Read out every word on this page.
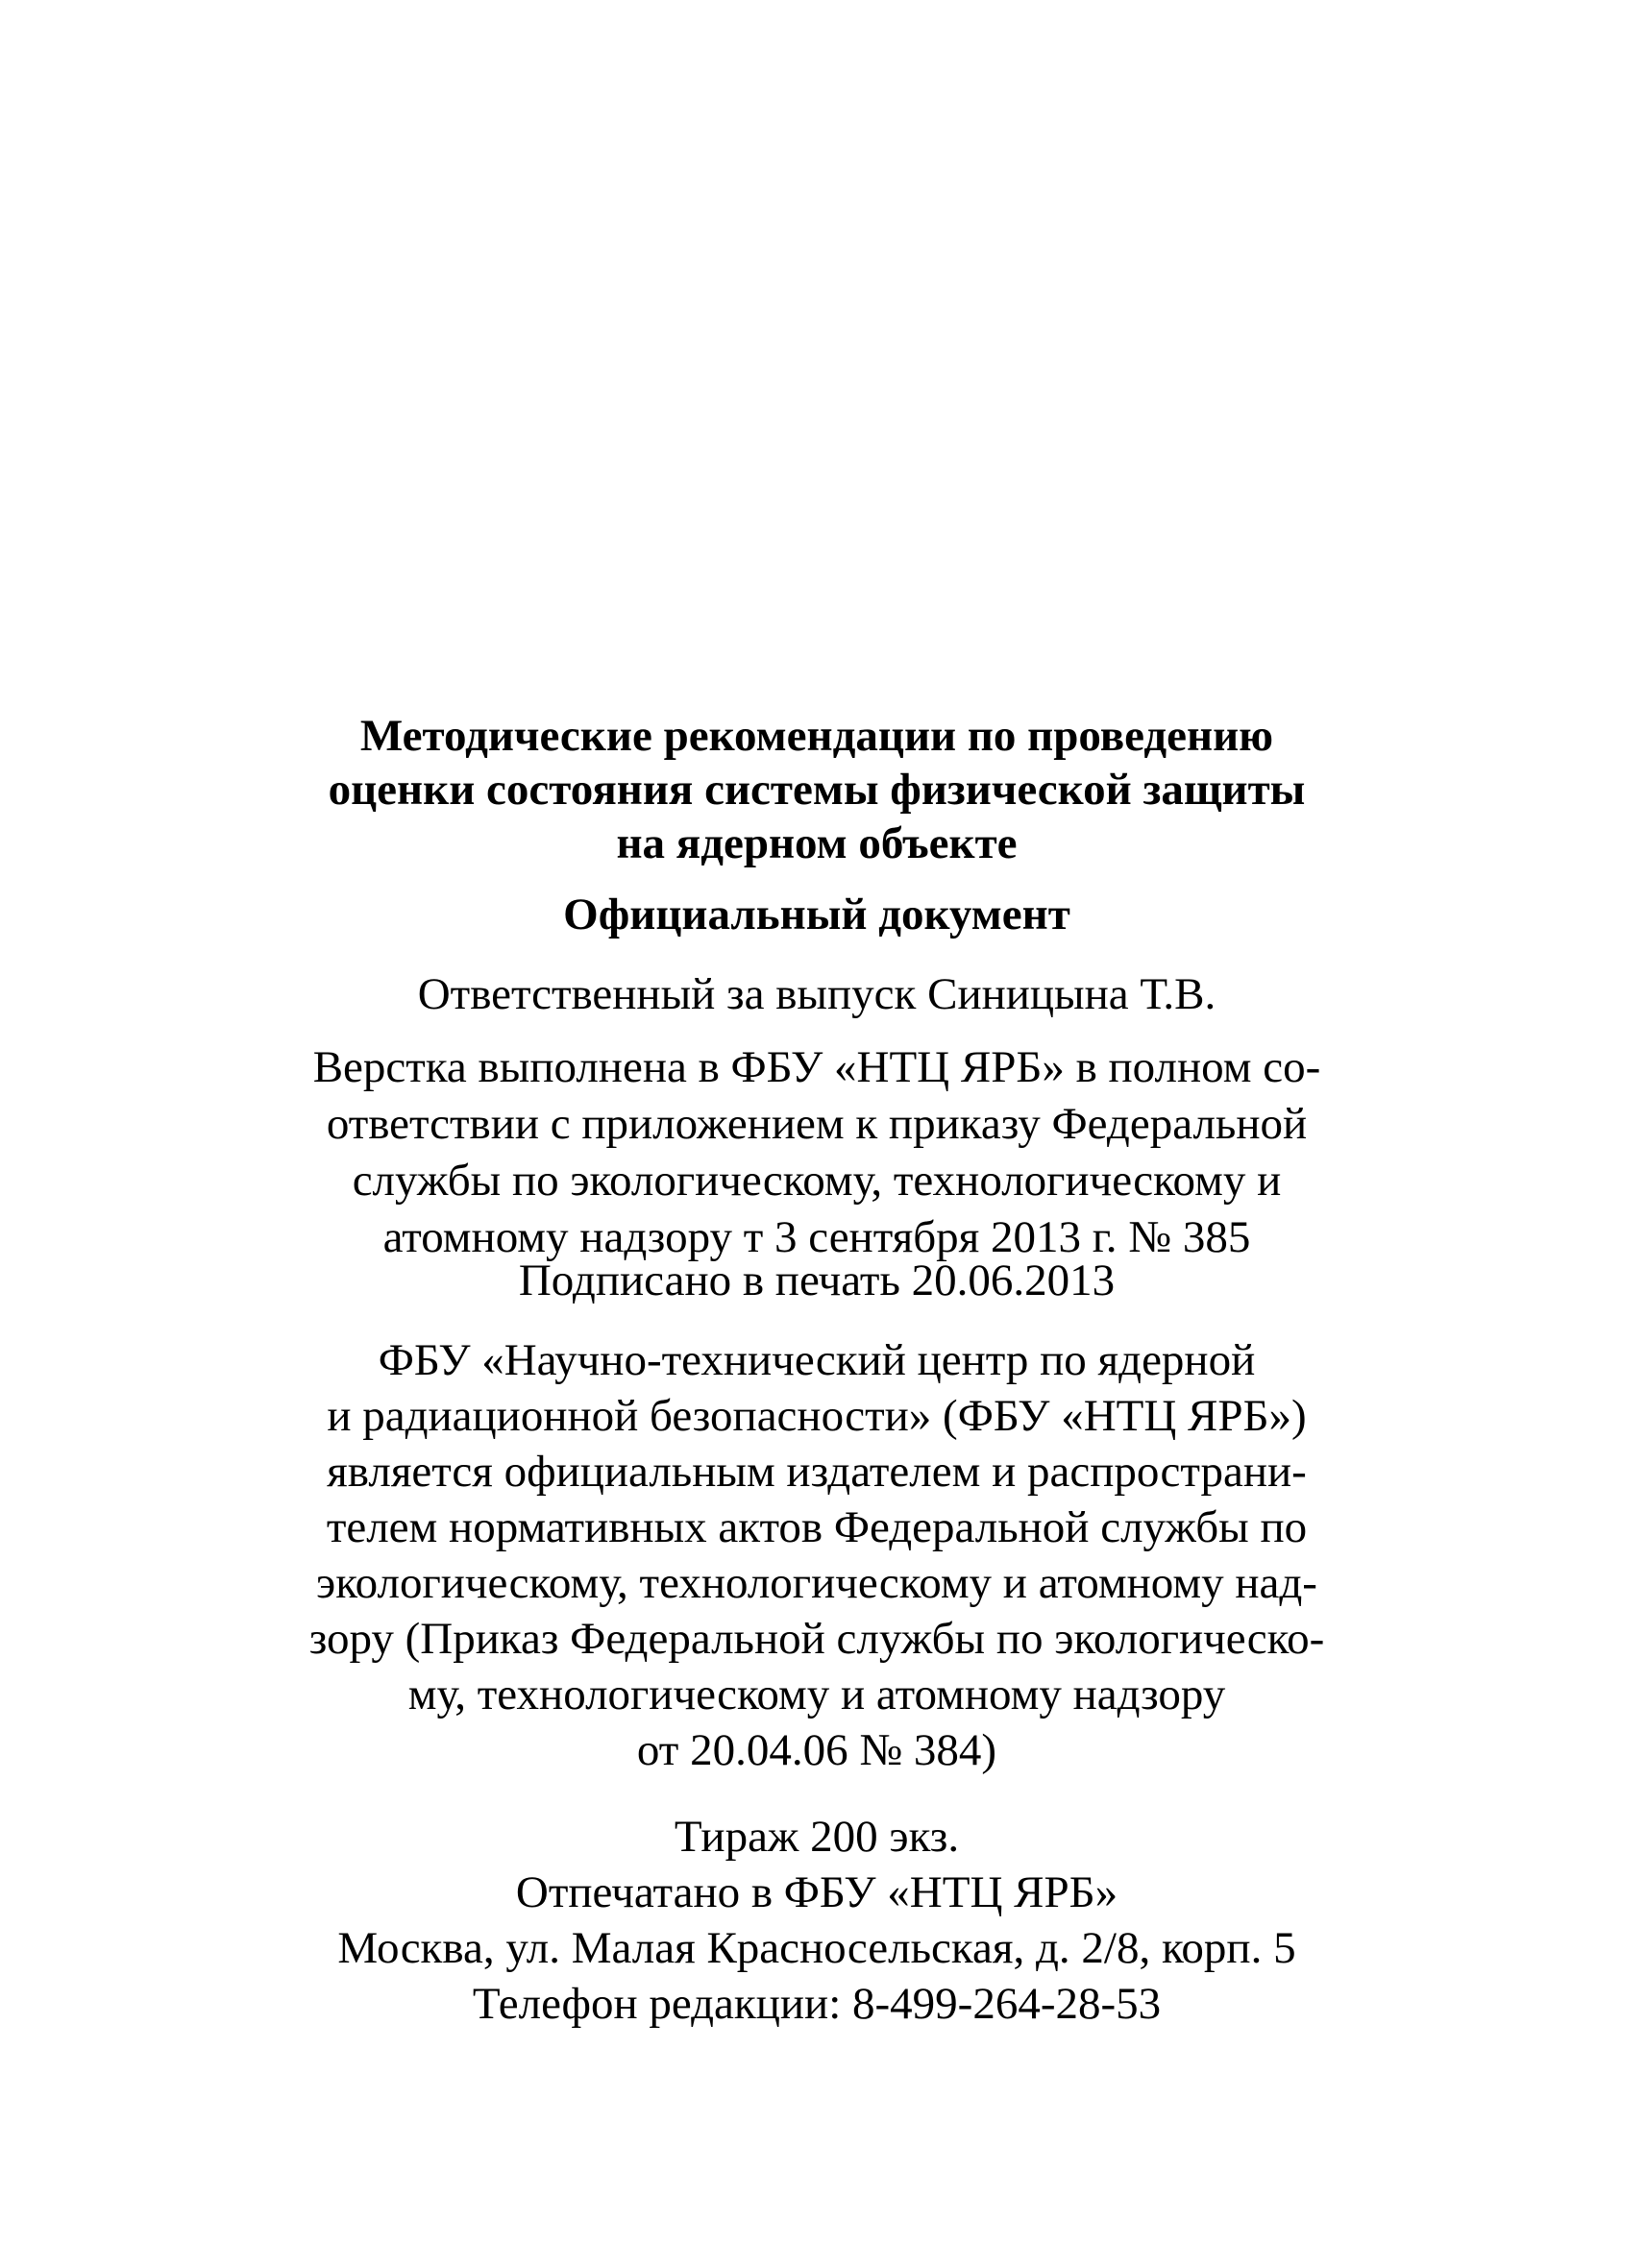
Методические рекомендации по проведению
оценки состояния системы физической защиты
на ядерном объекте
Официальный документ
Ответственный за выпуск Синицына Т.В.
Верстка выполнена в ФБУ «НТЦ ЯРБ» в полном со-
ответствии с приложением к приказу Федеральной
службы по экологическому, технологическому и
атомному надзору т 3 сентября 2013 г. № 385
Подписано в печать 20.06.2013
ФБУ «Научно-технический центр по ядерной
и радиационной безопасности» (ФБУ «НТЦ ЯРБ»)
является официальным издателем и распространи-
телем нормативных актов Федеральной службы по
экологическому, технологическому и атомному над-
зору (Приказ Федеральной службы по экологическо-
му, технологическому и атомному надзору
от 20.04.06 № 384)
Тираж 200 экз.
Отпечатано в ФБУ «НТЦ ЯРБ»
Москва, ул. Малая Красносельская, д. 2/8, корп. 5
Телефон редакции: 8-499-264-28-53
